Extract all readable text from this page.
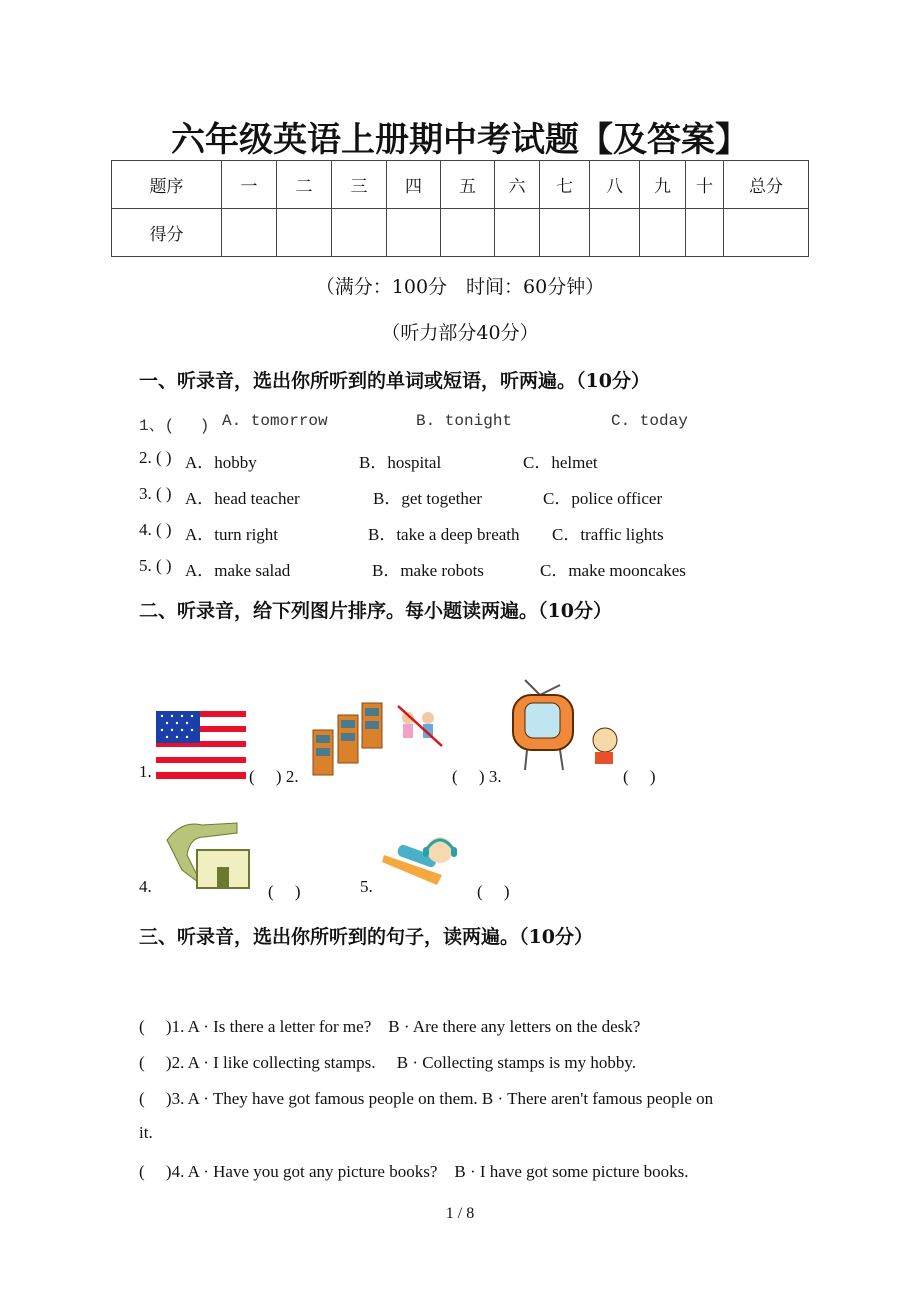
六年级英语上册期中考试题【及答案】
题序	一	二	三	四	五	六	七	八	九	十	总分
得分											
（满分：100分　时间：60分钟）
（听力部分40分）
一、听录音，选出你所听到的单词或短语，听两遍。（10分）
1、(　 ) A. tomorrow	B. tonight	C. today
2. ( ) A．hobby	B．hospital	C．helmet
3. ( ) A．head teacher	B．get together	C．police officer
4. ( ) A．turn right	B．take a deep breath C．traffic lights
5. ( ) A．make salad	B．make robots	C．make mooncakes
二、听录音，给下列图片排序。每小题读两遍。（10分）
1.	( 　) 2.	( 　) 3.	(　 )
4.	(　 )	5.	(　 )
三、听录音，选出你所听到的句子，读两遍。（10分）
(　 )1. A · Is there a letter for me?　B · Are there any letters on the desk?
(　 )2. A · I like collecting stamps.　 B · Collecting stamps is my hobby.
(　 )3. A · They have got famous people on them. B · There aren't famous people on
it.
(　 )4. A · Have you got any picture books?　B · I have got some picture books.
1 / 8
